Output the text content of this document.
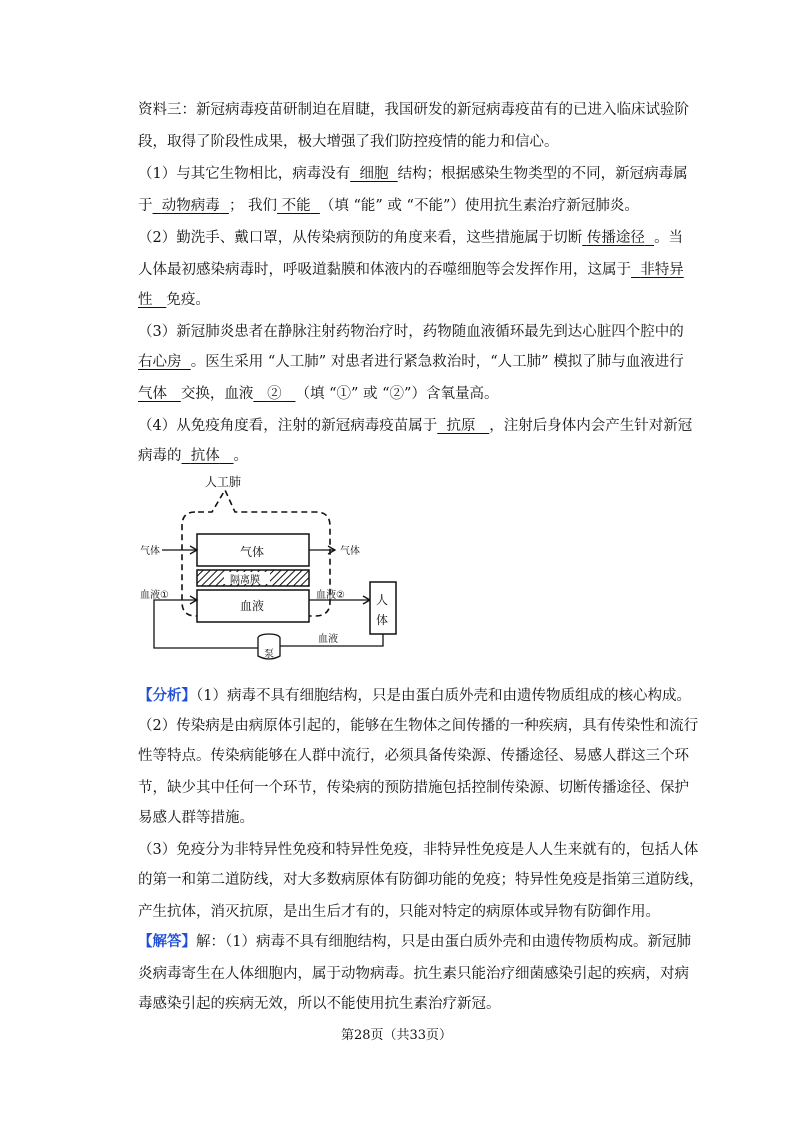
资料三：新冠病毒疫苗研制迫在眉睫，我国研发的新冠病毒疫苗有的已进入临床试验阶
段，取得了阶段性成果，极大增强了我们防控疫情的能力和信心。
（1）与其它生物相比，病毒没有 细胞 结构；根据感染生物类型的不同，新冠病毒属
于 动物病毒 ； 我们 不能 （填 “能” 或 “不能”）使用抗生素治疗新冠肺炎。
（2）勤洗手、戴口罩，从传染病预防的角度来看，这些措施属于切断 传播途径 。当
人体最初感染病毒时，呼吸道黏膜和体液内的吞噬细胞等会发挥作用，这属于 非特异
性 免疫。
（3）新冠肺炎患者在静脉注射药物治疗时，药物随血液循环最先到达心脏四个腔中的
右心房 。医生采用 “人工肺” 对患者进行紧急救治时，“人工肺” 模拟了肺与血液进行
气体 交换，血液 ② （填 “①” 或 “②”）含氧量高。
（4）从免疫角度看，注射的新冠病毒疫苗属于 抗原 ，注射后身体内会产生针对新冠
病毒的 抗体 。
人工肺
气体
隔离膜
血液
气体	气体
血液①	血液②	人
体
血液
泵
【分析】（1）病毒不具有细胞结构，只是由蛋白质外壳和由遗传物质组成的核心构成。
（2）传染病是由病原体引起的，能够在生物体之间传播的一种疾病，具有传染性和流行
性等特点。传染病能够在人群中流行，必须具备传染源、传播途径、易感人群这三个环
节，缺少其中任何一个环节，传染病的预防措施包括控制传染源、切断传播途径、保护
易感人群等措施。
（3）免疫分为非特异性免疫和特异性免疫，非特异性免疫是人人生来就有的，包括人体
的第一和第二道防线，对大多数病原体有防御功能的免疫；特异性免疫是指第三道防线，
产生抗体，消灭抗原，是出生后才有的，只能对特定的病原体或异物有防御作用。
【解答】解：（1）病毒不具有细胞结构，只是由蛋白质外壳和由遗传物质构成。新冠肺
炎病毒寄生在人体细胞内，属于动物病毒。抗生素只能治疗细菌感染引起的疾病，对病
毒感染引起的疾病无效，所以不能使用抗生素治疗新冠。
第28页（共33页）
